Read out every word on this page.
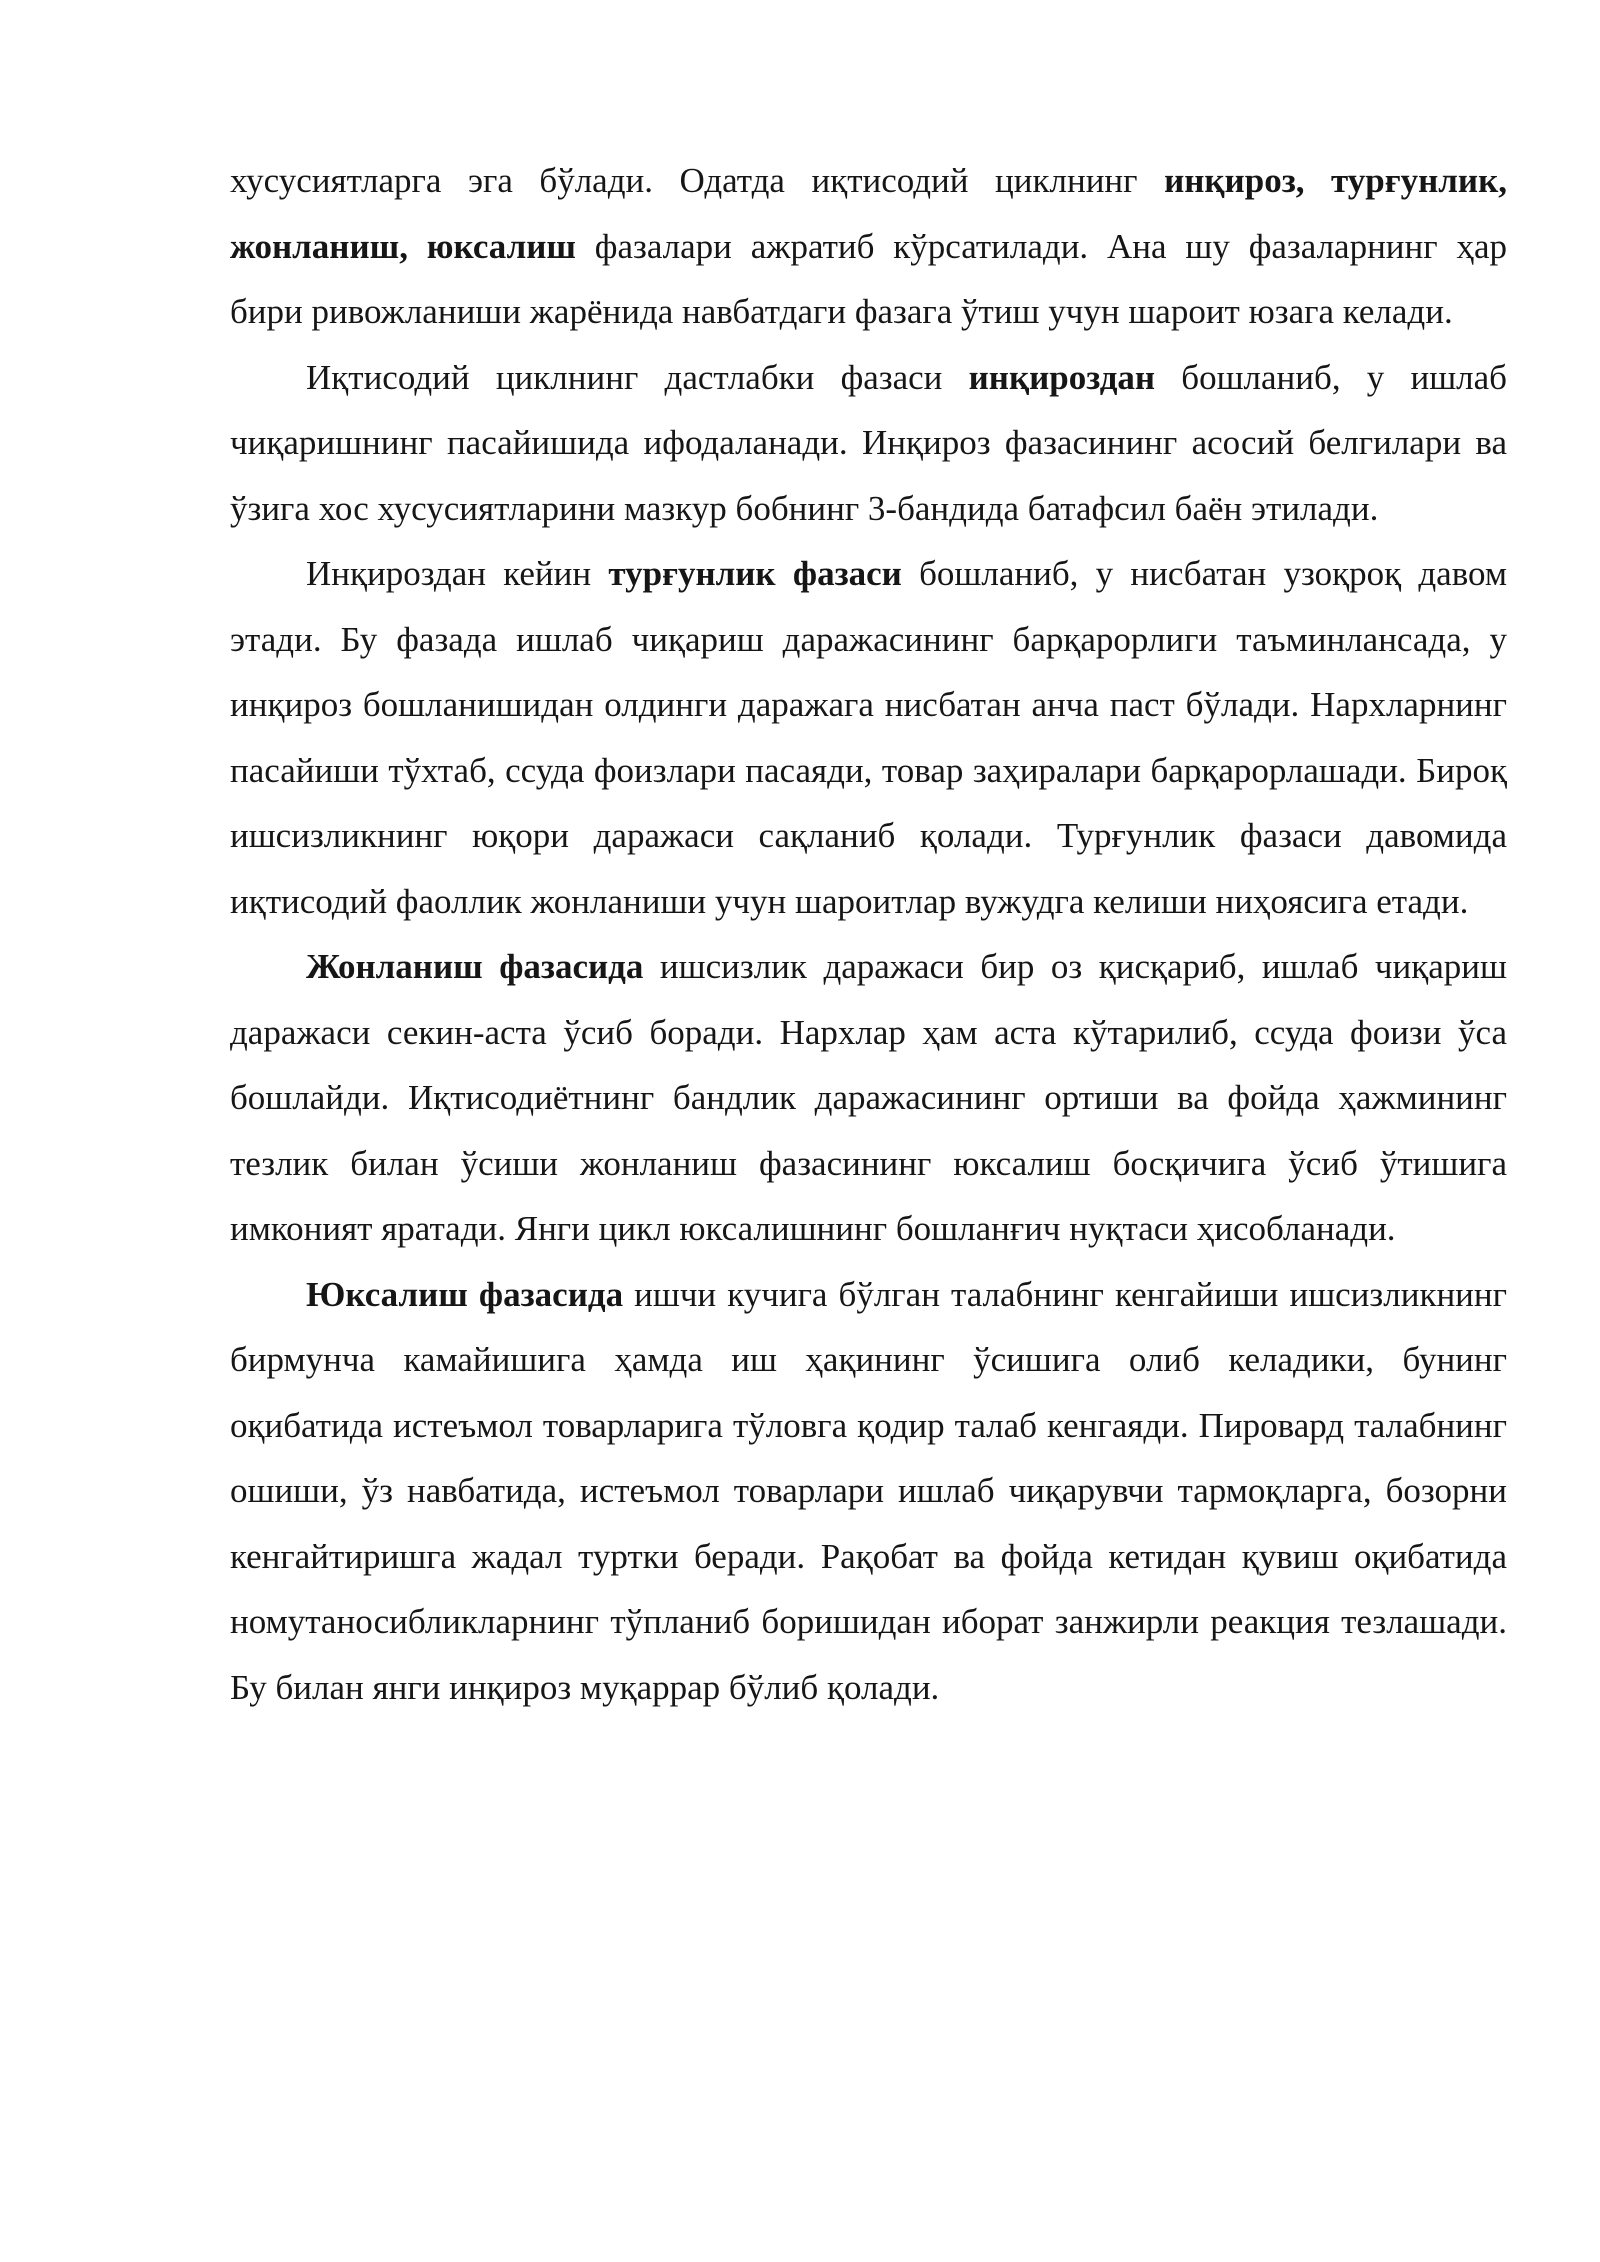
хусусиятларга эга бўлади. Одатда иқтисодий циклнинг инқироз, турғунлик, жонланиш, юксалиш фазалари ажратиб кўрсатилади. Ана шу фазаларнинг ҳар бири ривожланиши жарёнида навбатдаги фазага ўтиш учун шароит юзага келади.

Иқтисодий циклнинг дастлабки фазаси инқироздан бошланиб, у ишлаб чиқаришнинг пасайишида ифодаланади. Инқироз фазасининг асосий белгилари ва ўзига хос хусусиятларини мазкур бобнинг 3-бандида батафсил баён этилади.

Инқироздан кейин турғунлик фазаси бошланиб, у нисбатан узоқроқ давом этади. Бу фазада ишлаб чиқариш даражасининг барқарорлиги таъминлансада, у инқироз бошланишидан олдинги даражага нисбатан анча паст бўлади. Нархларнинг пасайиши тўхтаб, ссуда фоизлари пасаяди, товар заҳиралари барқарорлашади. Бироқ ишсизликнинг юқори даражаси сақланиб қолади. Турғунлик фазаси давомида иқтисодий фаоллик жонланиши учун шароитлар вужудга келиши ниҳоясига етади.

Жонланиш фазасида ишсизлик даражаси бир оз қисқариб, ишлаб чиқариш даражаси секин-аста ўсиб боради. Нархлар ҳам аста кўтарилиб, ссуда фоизи ўса бошлайди. Иқтисодиётнинг бандлик даражасининг ортиши ва фойда ҳажмининг тезлик билан ўсиши жонланиш фазасининг юксалиш босқичига ўсиб ўтишига имконият яратади. Янги цикл юксалишнинг бошланғич нуқтаси ҳисобланади.

Юксалиш фазасида ишчи кучига бўлган талабнинг кенгайиши ишсизликнинг бирмунча камайишига ҳамда иш ҳақининг ўсишига олиб келадики, бунинг оқибатида истеъмол товарларига тўловга қодир талаб кенгаяди. Пировард талабнинг ошиши, ўз навбатида, истеъмол товарлари ишлаб чиқарувчи тармоқларга, бозорни кенгайтиришга жадал туртки беради. Рақобат ва фойда кетидан қувиш оқибатида номутаносибликларнинг тўпланиб боришидан иборат занжирли реакция тезлашади. Бу билан янги инқироз муқаррар бўлиб қолади.
